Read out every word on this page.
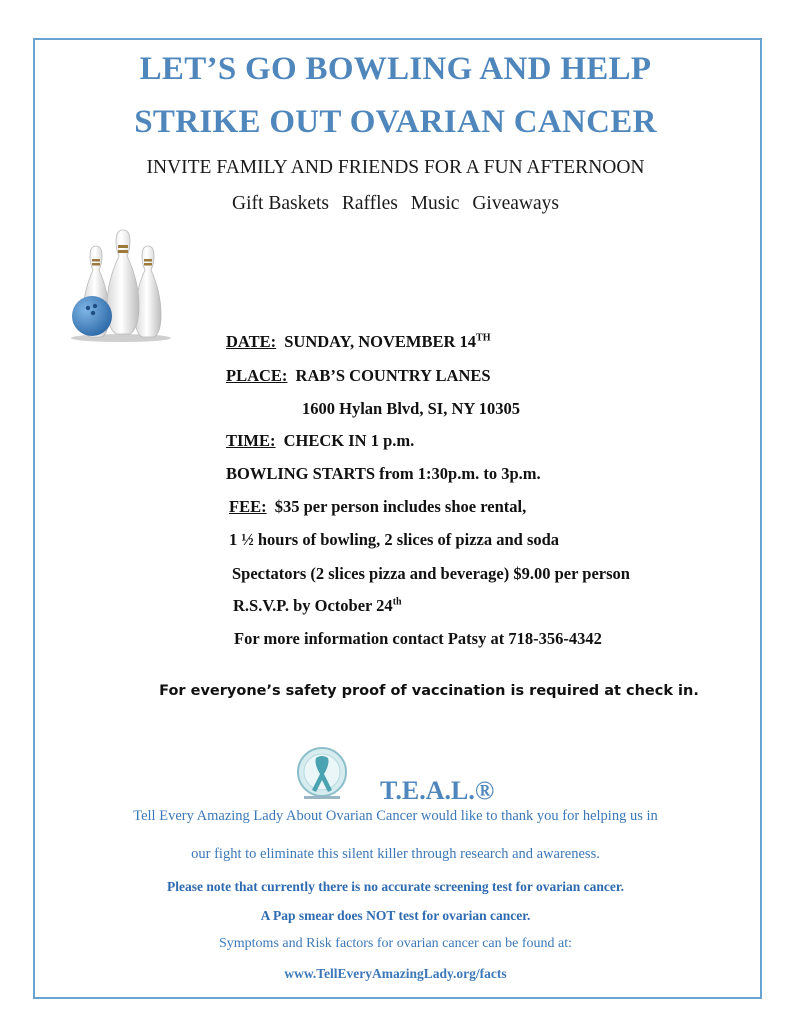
LET’S GO BOWLING AND HELP
STRIKE OUT OVARIAN CANCER
INVITE FAMILY AND FRIENDS FOR A FUN AFTERNOON
Gift Baskets Raffles Music Giveaways
DATE: SUNDAY, NOVEMBER 14TH
PLACE: RAB’S COUNTRY LANES
1600 Hylan Blvd, SI, NY 10305
TIME: CHECK IN 1 p.m.
BOWLING STARTS from 1:30p.m. to 3p.m.
FEE: $35 per person includes shoe rental,
1 ½ hours of bowling, 2 slices of pizza and soda
Spectators (2 slices pizza and beverage) $9.00 per person
R.S.V.P. by October 24th
For more information contact Patsy at 718-356-4342
For everyone’s safety proof of vaccination is required at check in.
T.E.A.L.®
Tell Every Amazing Lady About Ovarian Cancer would like to thank you for helping us in
our fight to eliminate this silent killer through research and awareness.
Please note that currently there is no accurate screening test for ovarian cancer.
A Pap smear does NOT test for ovarian cancer.
Symptoms and Risk factors for ovarian cancer can be found at:
www.TellEveryAmazingLady.org/facts
